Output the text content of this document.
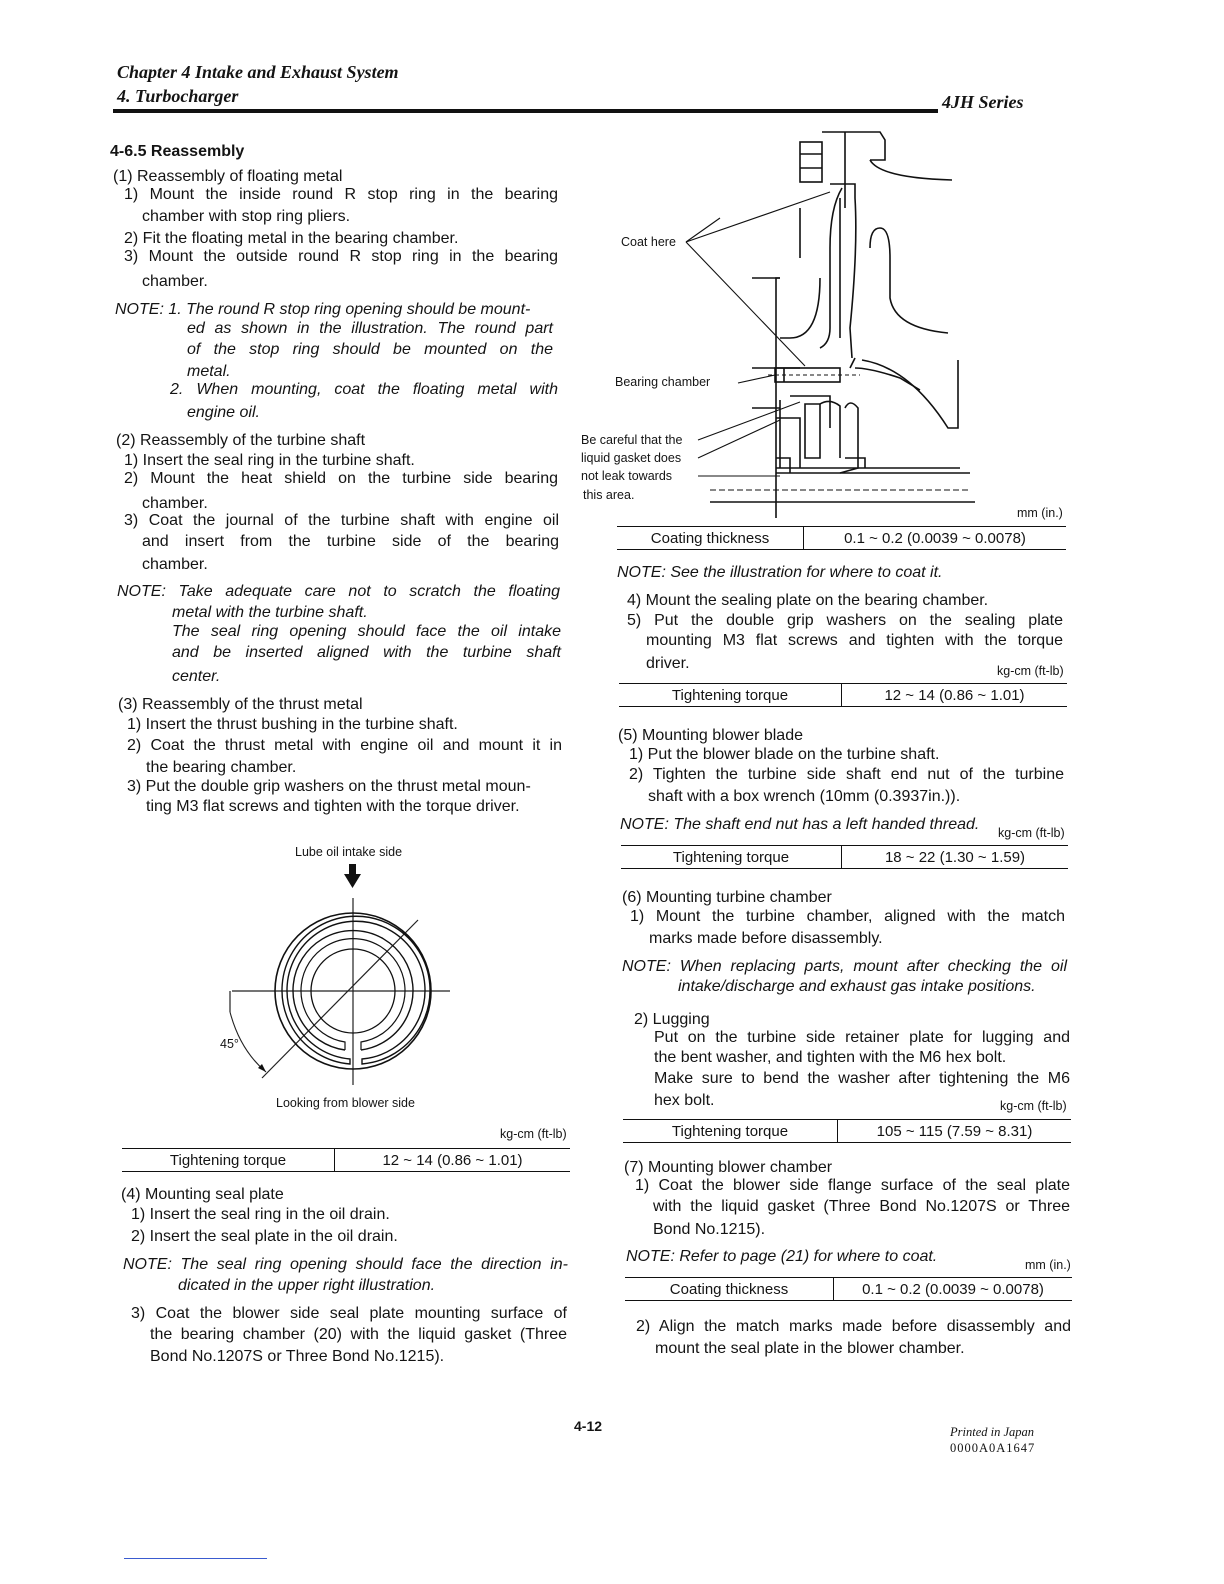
Chapter 4 Intake and Exhaust System
4. Turbocharger	4JH Series
4-6.5 Reassembly
(1) Reassembly of floating metal
1) Mount the inside round R stop ring in the bearing
chamber with stop ring pliers.
2) Fit the floating metal in the bearing chamber.
3) Mount the outside round R stop ring in the bearing
chamber.
NOTE: 1. The round R stop ring opening should be mount-
ed as shown in the illustration. The round part
of the stop ring should be mounted on the
metal.
2. When mounting, coat the floating metal with
engine oil.
(2) Reassembly of the turbine shaft
1) Insert the seal ring in the turbine shaft.
2) Mount the heat shield on the turbine side bearing
chamber.
3) Coat the journal of the turbine shaft with engine oil
and insert from the turbine side of the bearing
chamber.
NOTE: Take adequate care not to scratch the floating
metal with the turbine shaft.
The seal ring opening should face the oil intake
and be inserted aligned with the turbine shaft
center.
(3) Reassembly of the thrust metal
1) Insert the thrust bushing in the turbine shaft.
2) Coat the thrust metal with engine oil and mount it in
the bearing chamber.
3) Put the double grip washers on the thrust metal moun-
ting M3 flat screws and tighten with the torque driver.
Lube oil intake side
45°
Looking from blower side
kg-cm (ft-lb)
Tightening torque	12 ~ 14 (0.86 ~ 1.01)
(4) Mounting seal plate
1) Insert the seal ring in the oil drain.
2) Insert the seal plate in the oil drain.
NOTE: The seal ring opening should face the direction in-
dicated in the upper right illustration.
3) Coat the blower side seal plate mounting surface of
the bearing chamber (20) with the liquid gasket (Three
Bond No.1207S or Three Bond No.1215).
Coat here
Bearing chamber
Be careful that the
liquid gasket does
not leak towards
this area.
mm (in.)
Coating thickness	0.1 ~ 0.2 (0.0039 ~ 0.0078)
NOTE: See the illustration for where to coat it.
4) Mount the sealing plate on the bearing chamber.
5) Put the double grip washers on the sealing plate
mounting M3 flat screws and tighten with the torque
driver.	kg-cm (ft-lb)
Tightening torque	12 ~ 14 (0.86 ~ 1.01)
(5) Mounting blower blade
1) Put the blower blade on the turbine shaft.
2) Tighten the turbine side shaft end nut of the turbine
shaft with a box wrench (10mm (0.3937in.)).
NOTE: The shaft end nut has a left handed thread. kg-cm (ft-lb)
Tightening torque	18 ~ 22 (1.30 ~ 1.59)
(6) Mounting turbine chamber
1) Mount the turbine chamber, aligned with the match
marks made before disassembly.
NOTE: When replacing parts, mount after checking the oil
intake/discharge and exhaust gas intake positions.
2) Lugging
Put on the turbine side retainer plate for lugging and
the bent washer, and tighten with the M6 hex bolt.
Make sure to bend the washer after tightening the M6
hex bolt.	kg-cm (ft-lb)
Tightening torque	105 ~ 115 (7.59 ~ 8.31)
(7) Mounting blower chamber
1) Coat the blower side flange surface of the seal plate
with the liquid gasket (Three Bond No.1207S or Three
Bond No.1215).
NOTE: Refer to page (21) for where to coat.	mm (in.)
Coating thickness	0.1 ~ 0.2 (0.0039 ~ 0.0078)
2) Align the match marks made before disassembly and
mount the seal plate in the blower chamber.
4-12	Printed in Japan
0000A0A1647
